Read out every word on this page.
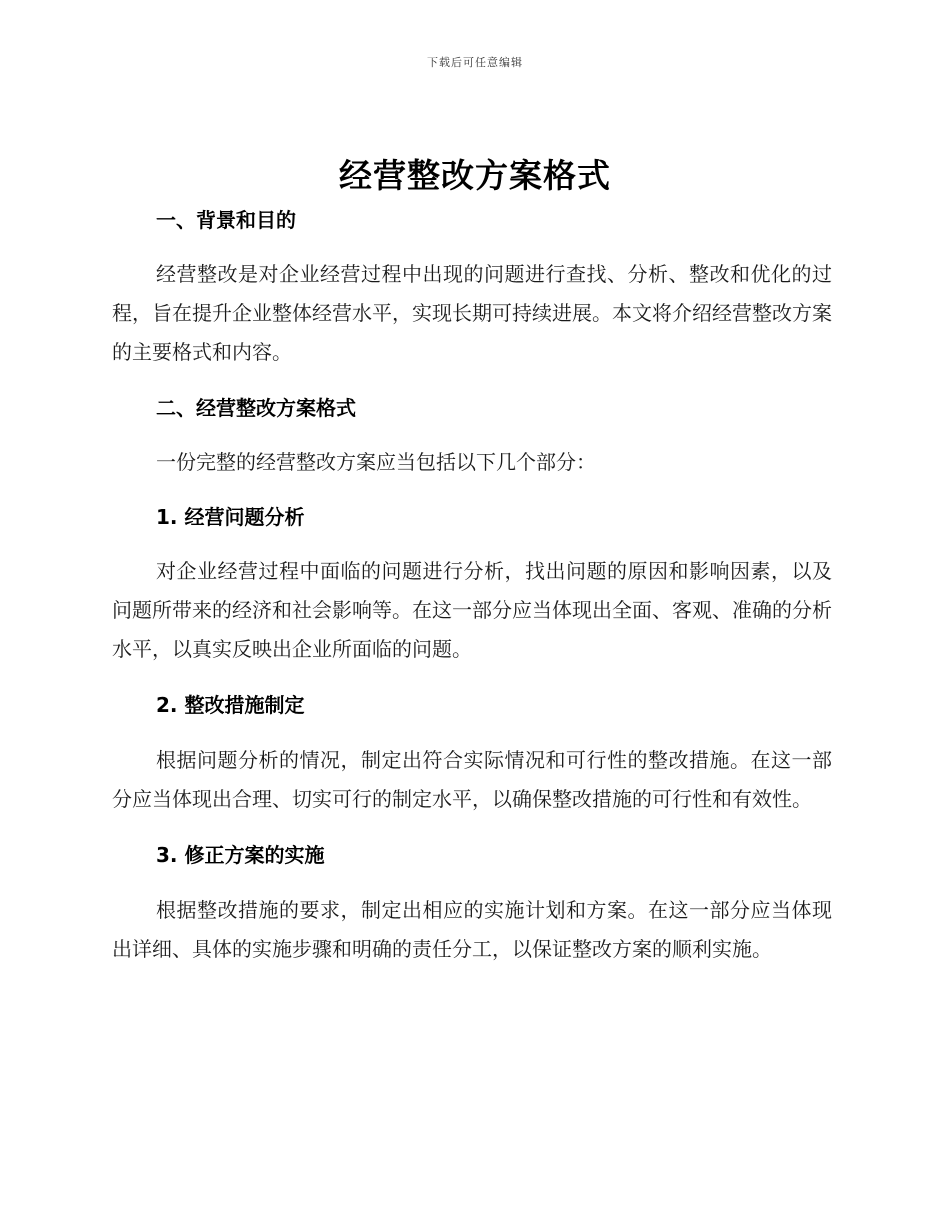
下载后可任意编辑
经营整改方案格式
一、背景和目的

经营整改是对企业经营过程中出现的问题进行查找、分析、整改和优化的过程，旨在提升企业整体经营水平，实现长期可持续进展。本文将介绍经营整改方案的主要格式和内容。

二、经营整改方案格式

一份完整的经营整改方案应当包括以下几个部分：

1. 经营问题分析

对企业经营过程中面临的问题进行分析，找出问题的原因和影响因素，以及问题所带来的经济和社会影响等。在这一部分应当体现出全面、客观、准确的分析水平，以真实反映出企业所面临的问题。

2. 整改措施制定

根据问题分析的情况，制定出符合实际情况和可行性的整改措施。在这一部分应当体现出合理、切实可行的制定水平，以确保整改措施的可行性和有效性。

3. 修正方案的实施

根据整改措施的要求，制定出相应的实施计划和方案。在这一部分应当体现出详细、具体的实施步骤和明确的责任分工，以保证整改方案的顺利实施。
